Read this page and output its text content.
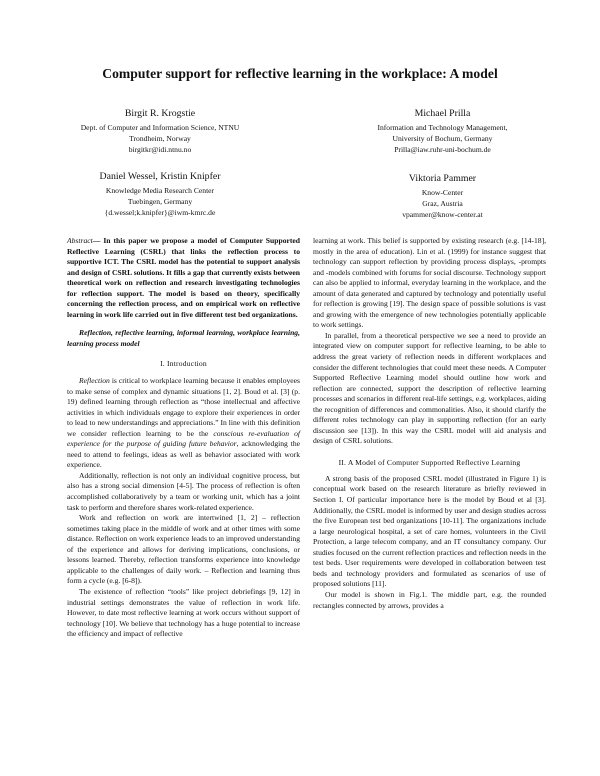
Computer support for reflective learning in the workplace: A model
Birgit R. Krogstie
Dept. of Computer and Information Science, NTNU
Trondheim, Norway
birgitkr@idi.ntnu.no
Michael Prilla
Information and Technology Management,
University of Bochum, Germany
Prilla@iaw.ruhr-uni-bochum.de
Daniel Wessel, Kristin Knipfer
Knowledge Media Research Center
Tuebingen, Germany
{d.wessel;k.knipfer}@iwm-kmrc.de
Viktoria Pammer
Know-Center
Graz, Austria
vpammer@know-center.at

Abstract— In this paper we propose a model of Computer Supported Reflective Learning (CSRL) that links the reflection process to supportive ICT. The CSRL model has the potential to support analysis and design of CSRL solutions. It fills a gap that currently exists between theoretical work on reflection and research investigating technologies for reflection support. The model is based on theory, specifically concerning the reflection process, and on empirical work on reflective learning in work life carried out in five different test bed organizations.

Reflection, reflective learning, informal learning, workplace learning, learning process model

I. Introduction

Reflection is critical to workplace learning because it enables employees to make sense of complex and dynamic situations [1, 2]. Boud et al. [3] (p. 19) defined learning through reflection as “those intellectual and affective activities in which individuals engage to explore their experiences in order to lead to new understandings and appreciations.” In line with this definition we consider reflection learning to be the conscious re-evaluation of experience for the purpose of guiding future behavior, acknowledging the need to attend to feelings, ideas as well as behavior associated with work experience.

Additionally, reflection is not only an individual cognitive process, but also has a strong social dimension [4-5]. The process of reflection is often accomplished collaboratively by a team or working unit, which has a joint task to perform and therefore shares work-related experience.

Work and reflection on work are intertwined [1, 2] – reflection sometimes taking place in the middle of work and at other times with some distance. Reflection on work experience leads to an improved understanding of the experience and allows for deriving implications, conclusions, or lessons learned. Thereby, reflection transforms experience into knowledge applicable to the challenges of daily work. – Reflection and learning thus form a cycle (e.g. [6-8]).

The existence of reflection “tools” like project debriefings [9, 12] in industrial settings demonstrates the value of reflection in work life. However, to date most reflective learning at work occurs without support of technology [10]. We believe that technology has a huge potential to increase the efficiency and impact of reflective

learning at work. This belief is supported by existing research (e.g. [14-18], mostly in the area of education). Lin et al. (1999) for instance suggest that technology can support reflection by providing process displays, -prompts and -models combined with forums for social discourse. Technology support can also be applied to informal, everyday learning in the workplace, and the amount of data generated and captured by technology and potentially useful for reflection is growing [19]. The design space of possible solutions is vast and growing with the emergence of new technologies potentially applicable to work settings.

In parallel, from a theoretical perspective we see a need to provide an integrated view on computer support for reflective learning, to be able to address the great variety of reflection needs in different workplaces and consider the different technologies that could meet these needs. A Computer Supported Reflective Learning model should outline how work and reflection are connected, support the description of reflective learning processes and scenarios in different real-life settings, e.g. workplaces, aiding the recognition of differences and commonalities. Also, it should clarify the different roles technology can play in supporting reflection (for an early discussion see [13]). In this way the CSRL model will aid analysis and design of CSRL solutions.

II. A Model of Computer Supported Reflective Learning

A strong basis of the proposed CSRL model (illustrated in Figure 1) is conceptual work based on the research literature as briefly reviewed in Section I. Of particular importance here is the model by Boud et al [3]. Additionally, the CSRL model is informed by user and design studies across the five European test bed organizations [10-11]. The organizations include a large neurological hospital, a set of care homes, volunteers in the Civil Protection, a large telecom company, and an IT consultancy company. Our studies focused on the current reflection practices and reflection needs in the test beds. User requirements were developed in collaboration between test beds and technology providers and formulated as scenarios of use of proposed solutions [11].

Our model is shown in Fig.1. The middle part, e.g. the rounded rectangles connected by arrows, provides a
